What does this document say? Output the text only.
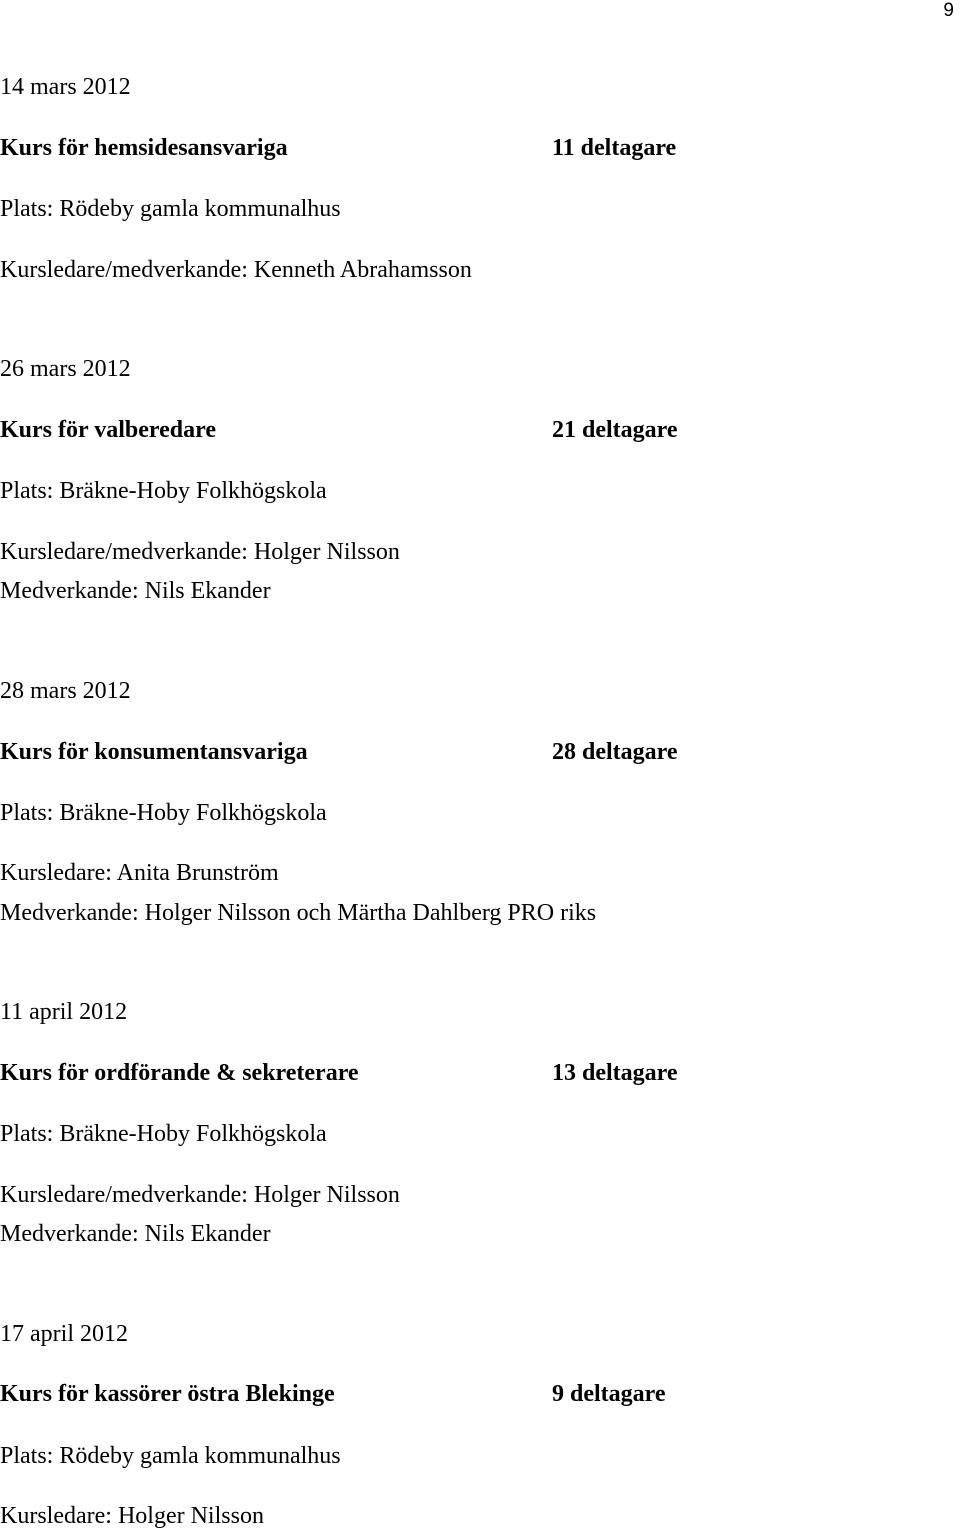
9
14 mars 2012
Kurs för hemsidesansvariga	11 deltagare
Plats: Rödeby gamla kommunalhus
Kursledare/medverkande: Kenneth Abrahamsson
26 mars 2012
Kurs för valberedare	21 deltagare
Plats: Bräkne-Hoby Folkhögskola
Kursledare/medverkande: Holger Nilsson
Medverkande: Nils Ekander
28 mars 2012
Kurs för konsumentansvariga	28 deltagare
Plats: Bräkne-Hoby Folkhögskola
Kursledare: Anita Brunström
Medverkande: Holger Nilsson och Märtha Dahlberg PRO riks
11 april 2012
Kurs för ordförande & sekreterare	13 deltagare
Plats: Bräkne-Hoby Folkhögskola
Kursledare/medverkande: Holger Nilsson
Medverkande: Nils Ekander
17 april 2012
Kurs för kassörer östra Blekinge	9 deltagare
Plats: Rödeby gamla kommunalhus
Kursledare: Holger Nilsson
